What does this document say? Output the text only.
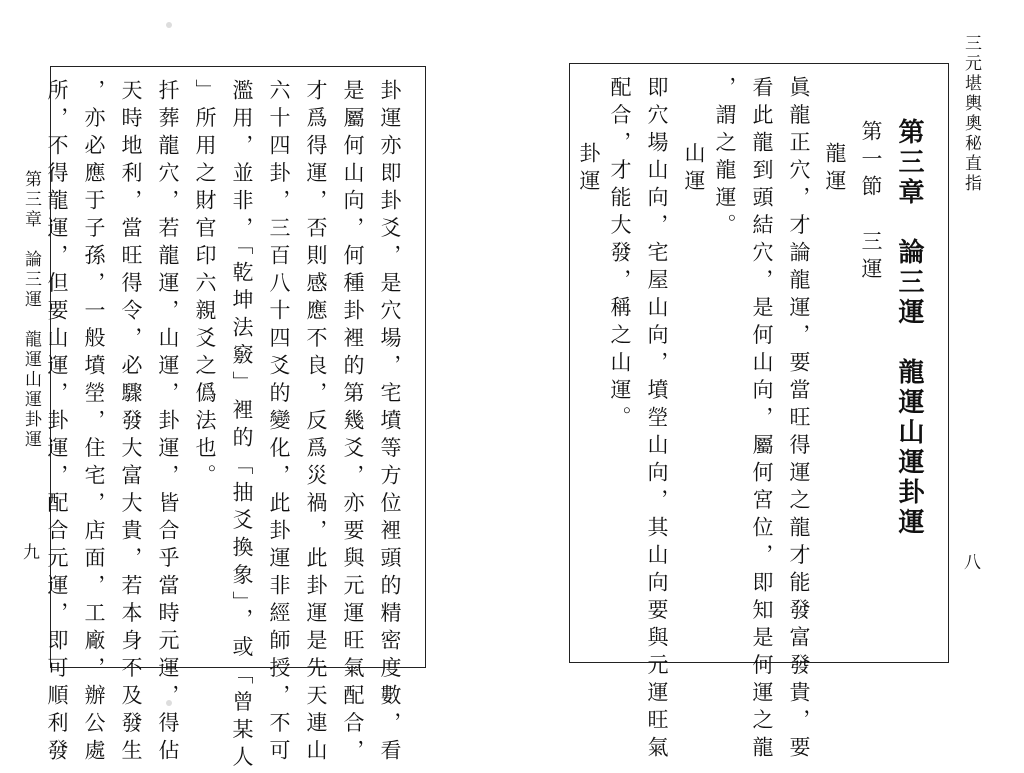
卦運亦即卦爻，是穴場，宅墳等方位裡頭的精密度數，看
是屬何山向，何種卦裡的第幾爻，亦要與元運旺氣配合，
才爲得運，否則感應不良，反爲災禍，此卦運是先天連山
六十四卦，三百八十四爻的變化，此卦運非經師授，不可
濫用，並非，「乾坤法竅」裡的「抽爻換象」，或「曾某人
」所用之財官印六親爻之僞法也。
扦葬龍穴，若龍運，山運，卦運，皆合乎當時元運，得佔
天時地利，當旺得令，必驟發大富大貴，若本身不及發生
，亦必應于子孫，一般墳塋，住宅，店面，工廠，辦公處
所，不得龍運，但要山運，卦運，配合元運，即可順利發
第三章　論三運　龍運山運卦運
九
第三章　論三運　龍運山運卦運
第一節　三運
龍運
眞龍正穴，才論龍運，要當旺得運之龍才能發富發貴，要
看此龍到頭結穴，是何山向，屬何宮位，即知是何運之龍
，謂之龍運。
山運
即穴場山向，宅屋山向，墳塋山向，其山向要與元運旺氣
配合，才能大發，稱之山運。
卦運	三元堪輿奧秘直指
八
